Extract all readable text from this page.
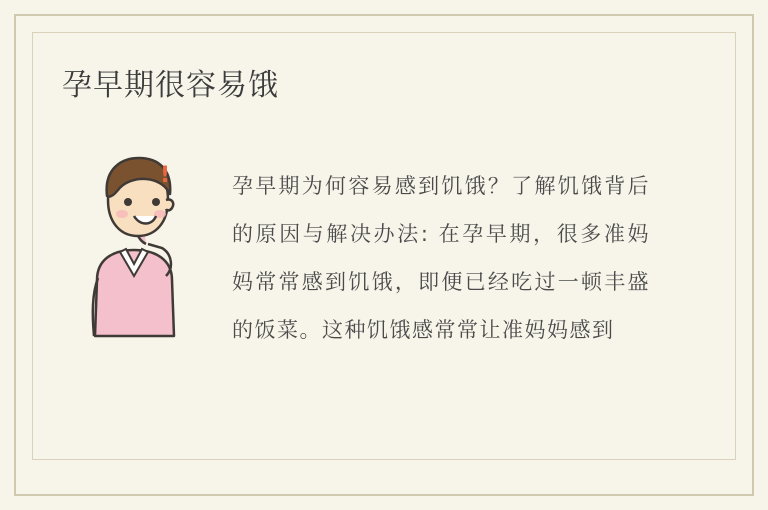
孕早期很容易饿
!	孕早期为何容易感到饥饿？了解饥饿背后的原因与解决办法: 在孕早期，很多准妈妈常常感到饥饿，即便已经吃过一顿丰盛的饭菜。这种饥饿感常常让准妈妈感到
